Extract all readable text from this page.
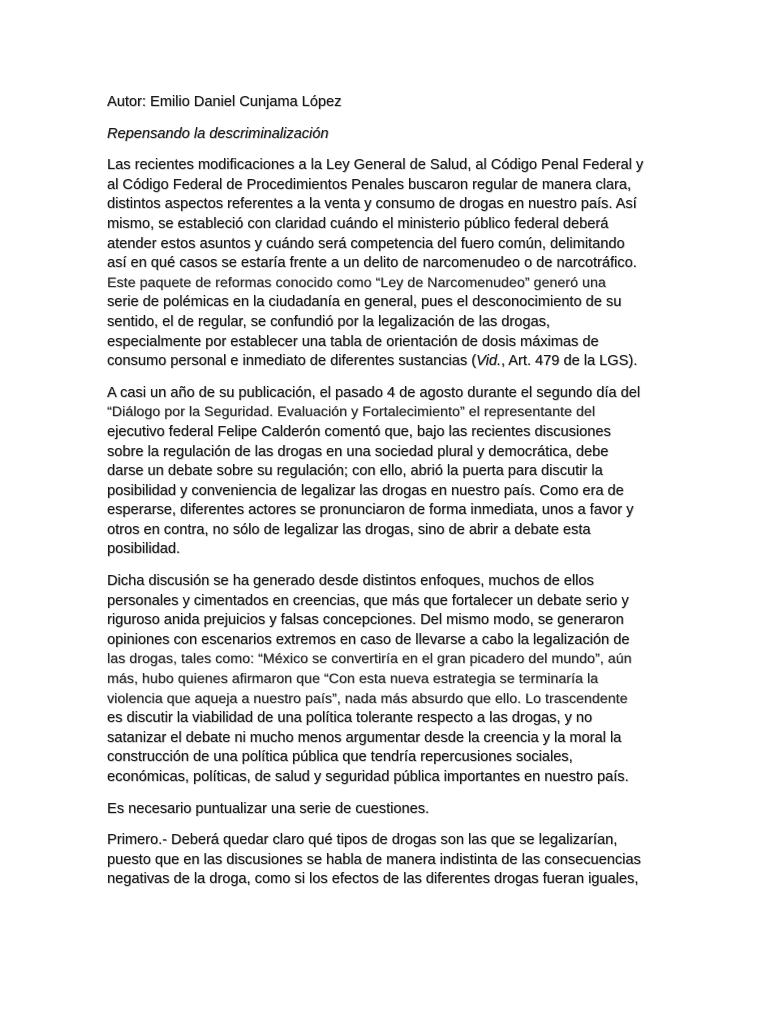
Autor: Emilio Daniel Cunjama López
Repensando la descriminalización
Las recientes modificaciones a la Ley General de Salud, al Código Penal Federal y
al Código Federal de Procedimientos Penales buscaron regular de manera clara,
distintos aspectos referentes a la venta y consumo de drogas en nuestro país. Así
mismo, se estableció con claridad cuándo el ministerio público federal deberá
atender estos asuntos y cuándo será competencia del fuero común, delimitando
así en qué casos se estaría frente a un delito de narcomenudeo o de narcotráfico.
Este paquete de reformas conocido como “Ley de Narcomenudeo” generó una
serie de polémicas en la ciudadanía en general, pues el desconocimiento de su
sentido, el de regular, se confundió por la legalización de las drogas,
especialmente por establecer una tabla de orientación de dosis máximas de
consumo personal e inmediato de diferentes sustancias (Vid., Art. 479 de la LGS).
A casi un año de su publicación, el pasado 4 de agosto durante el segundo día del
“Diálogo por la Seguridad. Evaluación y Fortalecimiento” el representante del
ejecutivo federal Felipe Calderón comentó que, bajo las recientes discusiones
sobre la regulación de las drogas en una sociedad plural y democrática, debe
darse un debate sobre su regulación; con ello, abrió la puerta para discutir la
posibilidad y conveniencia de legalizar las drogas en nuestro país. Como era de
esperarse, diferentes actores se pronunciaron de forma inmediata, unos a favor y
otros en contra, no sólo de legalizar las drogas, sino de abrir a debate esta
posibilidad.
Dicha discusión se ha generado desde distintos enfoques, muchos de ellos
personales y cimentados en creencias, que más que fortalecer un debate serio y
riguroso anida prejuicios y falsas concepciones. Del mismo modo, se generaron
opiniones con escenarios extremos en caso de llevarse a cabo la legalización de
las drogas, tales como: “México se convertiría en el gran picadero del mundo”, aún
más, hubo quienes afirmaron que “Con esta nueva estrategia se terminaría la
violencia que aqueja a nuestro país”, nada más absurdo que ello. Lo trascendente
es discutir la viabilidad de una política tolerante respecto a las drogas, y no
satanizar el debate ni mucho menos argumentar desde la creencia y la moral la
construcción de una política pública que tendría repercusiones sociales,
económicas, políticas, de salud y seguridad pública importantes en nuestro país.
Es necesario puntualizar una serie de cuestiones.
Primero.- Deberá quedar claro qué tipos de drogas son las que se legalizarían,
puesto que en las discusiones se habla de manera indistinta de las consecuencias
negativas de la droga, como si los efectos de las diferentes drogas fueran iguales,
